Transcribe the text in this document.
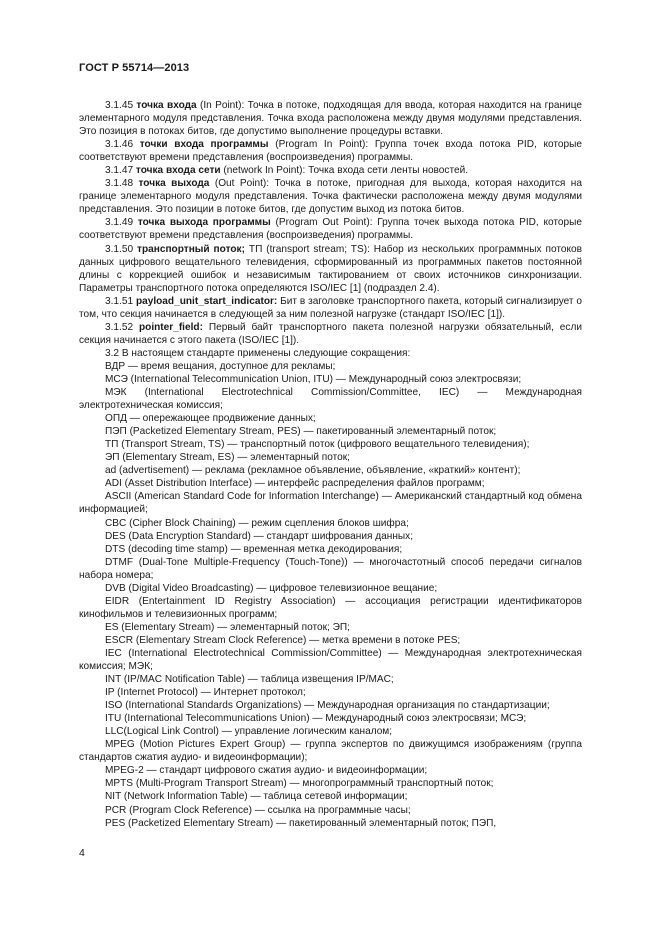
ГОСТ Р 55714—2013

3.1.45 точка входа (In Point): Точка в потоке, подходящая для ввода, которая находится на границе элементарного модуля представления. Точка входа расположена между двумя модулями представления. Это позиция в потоках битов, где допустимо выполнение процедуры вставки.

3.1.46 точки входа программы (Program In Point): Группа точек входа потока PID, которые соответствуют времени представления (воспроизведения) программы.

3.1.47 точка входа сети (network In Point): Точка входа сети ленты новостей.

3.1.48 точка выхода (Out Point): Точка в потоке, пригодная для выхода, которая находится на границе элементарного модуля представления. Точка фактически расположена между двумя модулями представления. Это позиции в потоке битов, где допустим выход из потока битов.

3.1.49 точка выхода программы (Program Out Point): Группа точек выхода потока PID, которые соответствуют времени представления (воспроизведения) программы.

3.1.50 транспортный поток; ТП (transport stream; TS): Набор из нескольких программных потоков данных цифрового вещательного телевидения, сформированный из программных пакетов постоянной длины с коррекцией ошибок и независимым тактированием от своих источников синхронизации. Параметры транспортного потока определяются ISO/IEC [1] (подраздел 2.4).

3.1.51 payload_unit_start_indicator: Бит в заголовке транспортного пакета, который сигнализирует о том, что секция начинается в следующей за ним полезной нагрузке (стандарт ISO/IEC [1]).

3.1.52 pointer_field: Первый байт транспортного пакета полезной нагрузки обязательный, если секция начинается с этого пакета (ISO/IEC [1]).

3.2 В настоящем стандарте применены следующие сокращения:

ВДР — время вещания, доступное для рекламы;

МСЭ (International Telecommunication Union, ITU) — Международный союз электросвязи;

МЭК (International Electrotechnical Commission/Committee, IEC) — Международная электротехническая комиссия;

ОПД — опережающее продвижение данных;

ПЭП (Packetized Elementary Stream, PES) — пакетированный элементарный поток;

ТП (Transport Stream, TS) — транспортный поток (цифрового вещательного телевидения);

ЭП (Elementary Stream, ES) — элементарный поток;

ad (advertisement) — реклама (рекламное объявление, объявление, «краткий» контент);

ADI (Asset Distribution Interface) — интерфейс распределения файлов программ;

ASCII (American Standard Code for Information Interchange) — Американский стандартный код обмена информацией;

CBC (Cipher Block Chaining) — режим сцепления блоков шифра;

DES (Data Encryption Standard) — стандарт шифрования данных;

DTS (decoding time stamp) — временная метка декодирования;

DTMF (Dual-Tone Multiple-Frequency (Touch-Tone)) — многочастотный способ передачи сигналов набора номера;

DVB (Digital Video Broadcasting) — цифровое телевизионное вещание;

EIDR (Entertainment ID Registry Association) — ассоциация регистрации идентификаторов кинофильмов и телевизионных программ;

ES (Elementary Stream) — элементарный поток; ЭП;

ESCR (Elementary Stream Clock Reference) — метка времени в потоке PES;

IEC (International Electrotechnical Commission/Committee) — Международная электротехническая комиссия; МЭК;

INT (IP/MAC Notification Table) — таблица извещения IP/MAC;

IP (Internet Protocol) — Интернет протокол;

ISO (International Standards Organizations) — Международная организация по стандартизации;

ITU (International Telecommunications Union) — Международный союз электросвязи; МСЭ;

LLC(Logical Link Control) — управление логическим каналом;

MPEG (Motion Pictures Expert Group) — группа экспертов по движущимся изображениям (группа стандартов сжатия аудио- и видеоинформации);

MPEG-2 — стандарт цифрового сжатия аудио- и видеоинформации;

MPTS (Multi-Program Transport Stream) — многопрограммный транспортный поток;

NIT (Network Information Table) — таблица сетевой информации;

PCR (Program Clock Reference) — ссылка на программные часы;

PES (Packetized Elementary Stream) — пакетированный элементарный поток; ПЭП,

4
